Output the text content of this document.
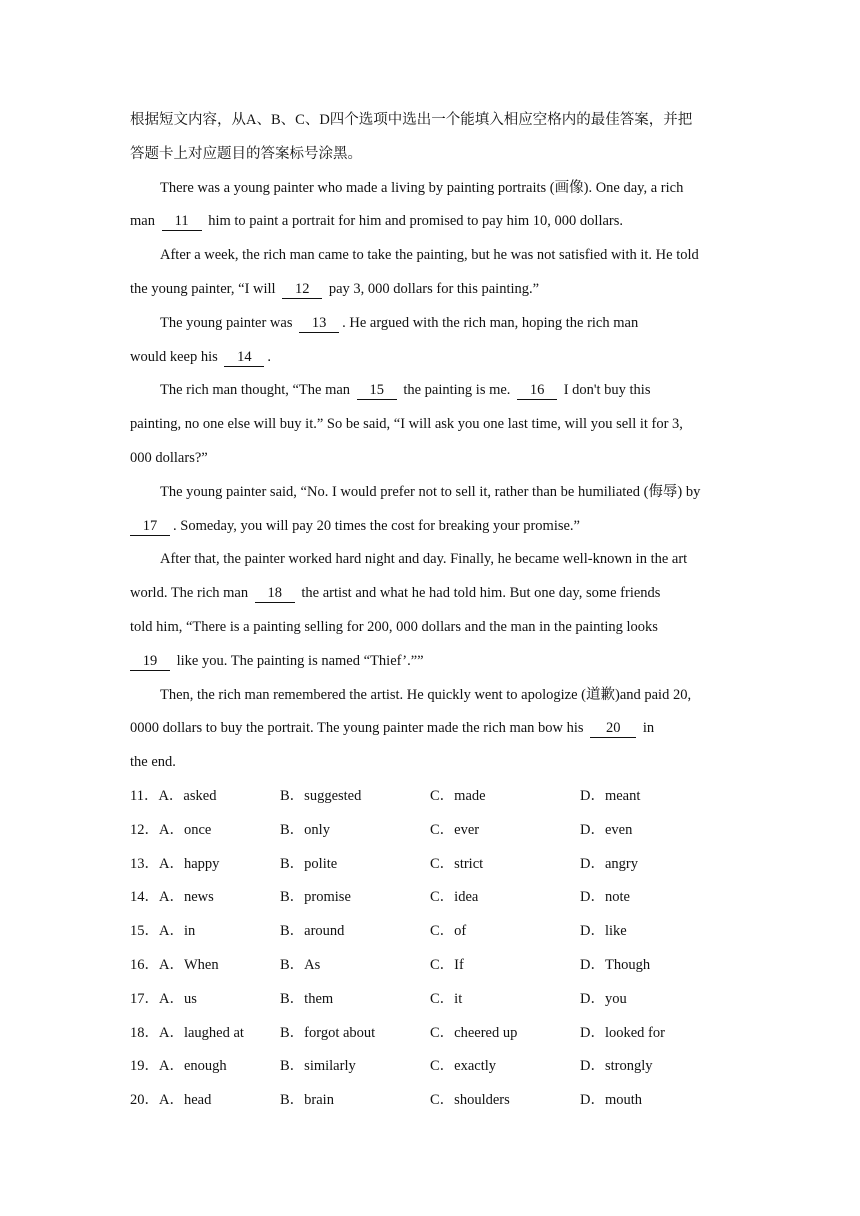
根据短文内容，从A、B、C、D四个选项中选出一个能填入相应空格内的最佳答案，并把
答题卡上对应题目的答案标号涂黑。
There was a young painter who made a living by painting portraits (画像). One day, a rich
man 11 him to paint a portrait for him and promised to pay him 10, 000 dollars.
After a week, the rich man came to take the painting, but he was not satisfied with it. He told
the young painter, “I will 12 pay 3, 000 dollars for this painting.”
The young painter was 13 . He argued with the rich man, hoping the rich man
would keep his 14 .
The rich man thought, “The man 15 the painting is me. 16 I don't buy this
painting, no one else will buy it.” So be said, “I will ask you one last time, will you sell it for 3,
000 dollars?”
The young painter said, “No. I would prefer not to sell it, rather than be humiliated (侮辱) by
17 . Someday, you will pay 20 times the cost for breaking your promise.”
After that, the painter worked hard night and day. Finally, he became well-known in the art
world. The rich man 18 the artist and what he had told him. But one day, some friends
told him, “There is a painting selling for 200, 000 dollars and the man in the painting looks
19 like you. The painting is named “Thief’.””
Then, the rich man remembered the artist. He quickly went to apologize (道歉)and paid 20,
0000 dollars to buy the portrait. The young painter made the rich man bow his 20 in
the end.
11．A．asked	B．suggested	C．made	D．meant
12．A．once	B．only	C．ever	D．even
13．A．happy	B．polite	C．strict	D．angry
14．A．news	B．promise	C．idea	D．note
15．A．in	B．around	C．of	D．like
16．A．When	B．As	C．If	D．Though
17．A．us	B．them	C．it	D．you
18．A．laughed at B．forgot about	C．cheered up	D．looked for
19．A．enough	B．similarly	C．exactly	D．strongly
20．A．head	B．brain	C．shoulders	D．mouth
